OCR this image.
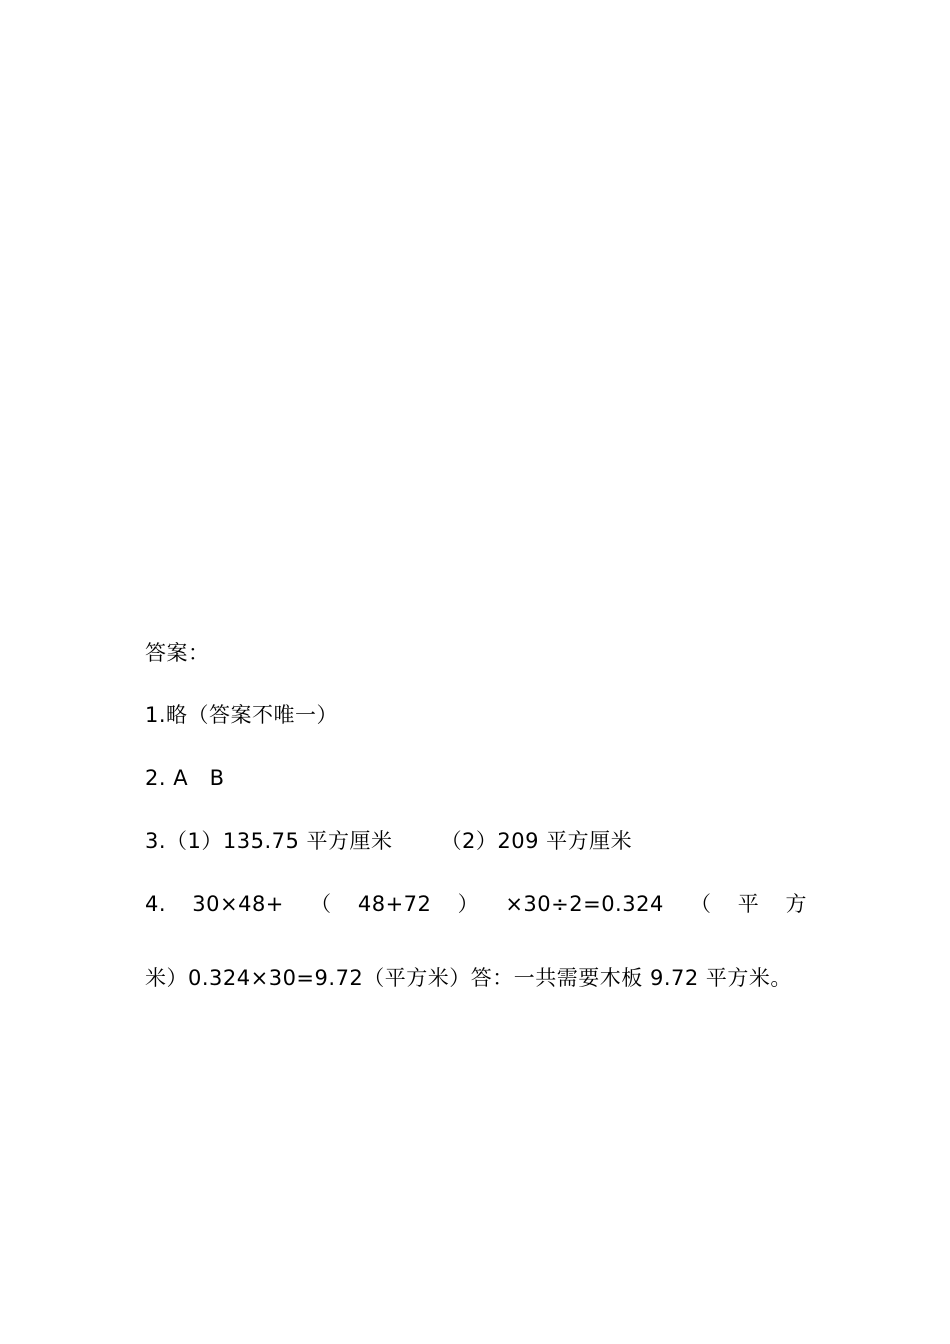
答案：
1.略（答案不唯一）
2. A   B
3.（1）135.75 平方厘米 （2）209 平方厘米
4. 30×48+ （ 48+72 ） ×30÷2=0.324 （ 平 方
米）0.324×30=9.72（平方米）答：一共需要木板 9.72 平方米。
